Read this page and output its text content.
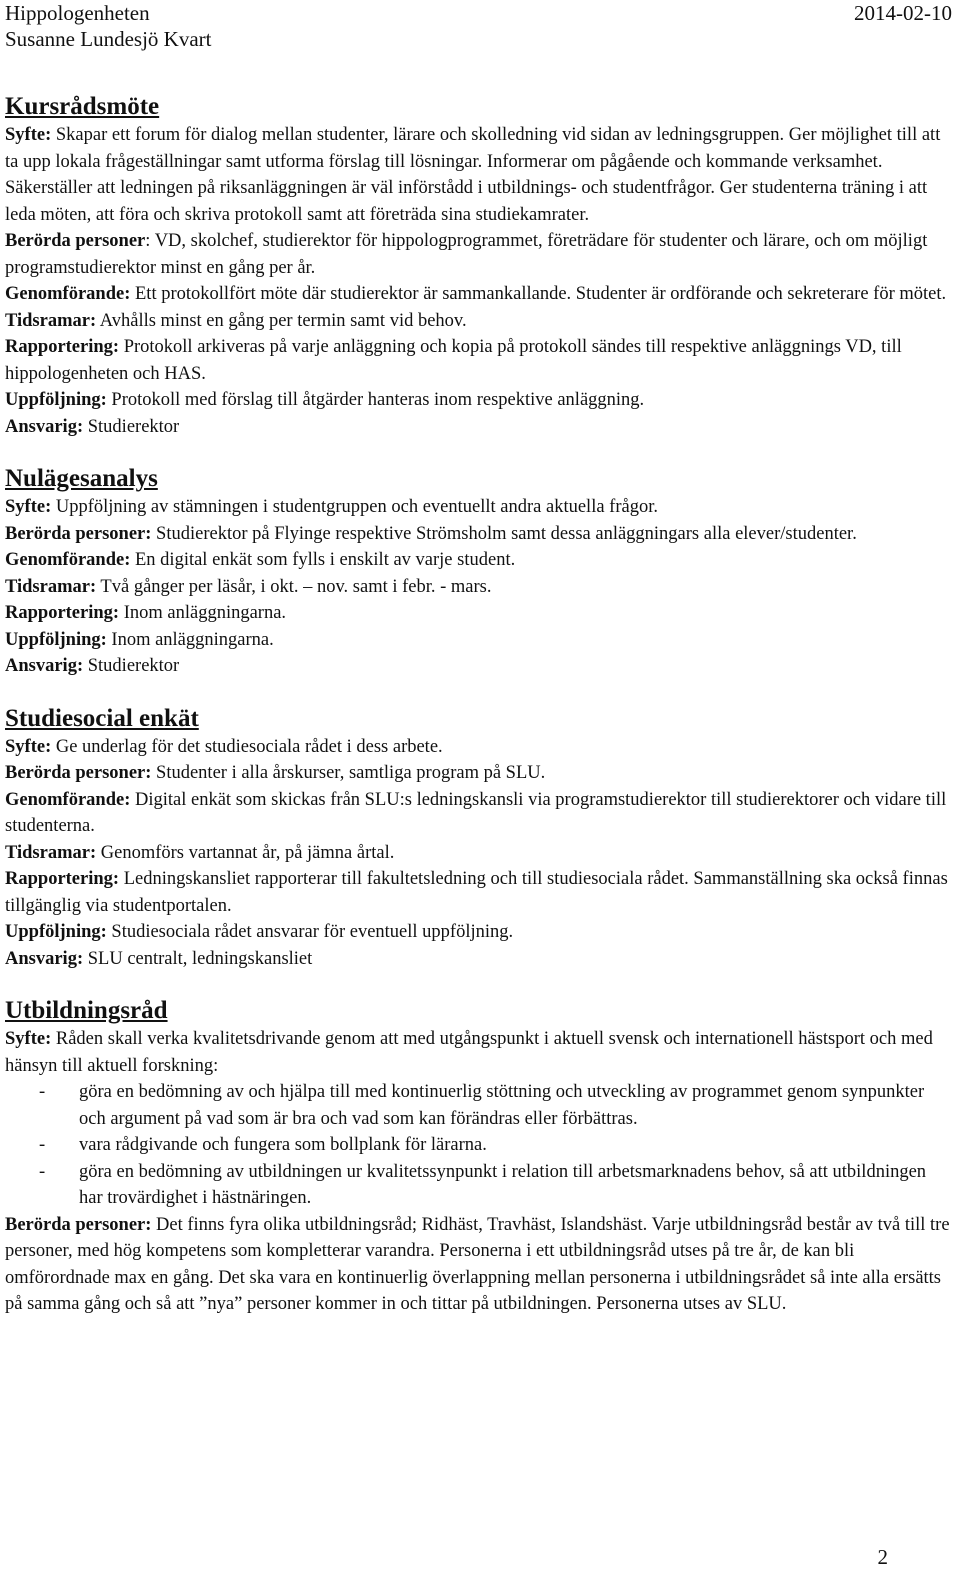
Hippologenheten	2014-02-10
Susanne Lundesjö Kvart
Kursrådsmöte

Syfte: Skapar ett forum för dialog mellan studenter, lärare och skolledning vid sidan av ledningsgruppen. Ger möjlighet till att ta upp lokala frågeställningar samt utforma förslag till lösningar. Informerar om pågående och kommande verksamhet. Säkerställer att ledningen på riksanläggningen är väl införstådd i utbildnings- och studentfrågor. Ger studenterna träning i att leda möten, att föra och skriva protokoll samt att företräda sina studiekamrater.

Berörda personer: VD, skolchef, studierektor för hippologprogrammet, företrädare för studenter och lärare, och om möjligt programstudierektor minst en gång per år.

Genomförande: Ett protokollfört möte där studierektor är sammankallande. Studenter är ordförande och sekreterare för mötet.

Tidsramar: Avhålls minst en gång per termin samt vid behov.

Rapportering: Protokoll arkiveras på varje anläggning och kopia på protokoll sändes till respektive anläggnings VD, till hippologenheten och HAS.

Uppföljning: Protokoll med förslag till åtgärder hanteras inom respektive anläggning.

Ansvarig: Studierektor

Nulägesanalys

Syfte: Uppföljning av stämningen i studentgruppen och eventuellt andra aktuella frågor.

Berörda personer: Studierektor på Flyinge respektive Strömsholm samt dessa anläggningars alla elever/studenter.

Genomförande: En digital enkät som fylls i enskilt av varje student.

Tidsramar: Två gånger per läsår, i okt. – nov. samt i febr. - mars.

Rapportering: Inom anläggningarna.

Uppföljning: Inom anläggningarna.

Ansvarig: Studierektor

Studiesocial enkät

Syfte: Ge underlag för det studiesociala rådet i dess arbete.

Berörda personer: Studenter i alla årskurser, samtliga program på SLU.

Genomförande: Digital enkät som skickas från SLU:s ledningskansli via programstudierektor till studierektorer och vidare till studenterna.

Tidsramar: Genomförs vartannat år, på jämna årtal.

Rapportering: Ledningskansliet rapporterar till fakultetsledning och till studiesociala rådet. Sammanställning ska också finnas tillgänglig via studentportalen.

Uppföljning: Studiesociala rådet ansvarar för eventuell uppföljning.

Ansvarig: SLU centralt, ledningskansliet

Utbildningsråd

Syfte: Råden skall verka kvalitetsdrivande genom att med utgångspunkt i aktuell svensk och internationell hästsport och med hänsyn till aktuell forskning:

- göra en bedömning av och hjälpa till med kontinuerlig stöttning och utveckling av programmet genom synpunkter och argument på vad som är bra och vad som kan förändras eller förbättras.
- vara rådgivande och fungera som bollplank för lärarna.
- göra en bedömning av utbildningen ur kvalitetssynpunkt i relation till arbetsmarknadens behov, så att utbildningen har trovärdighet i hästnäringen.

Berörda personer: Det finns fyra olika utbildningsråd; Ridhäst, Travhäst, Islandshäst. Varje utbildningsråd består av två till tre personer, med hög kompetens som kompletterar varandra. Personerna i ett utbildningsråd utses på tre år, de kan bli omförordnade max en gång. Det ska vara en kontinuerlig överlappning mellan personerna i utbildningsrådet så inte alla ersätts på samma gång och så att ”nya” personer kommer in och tittar på utbildningen. Personerna utses av SLU.

2
